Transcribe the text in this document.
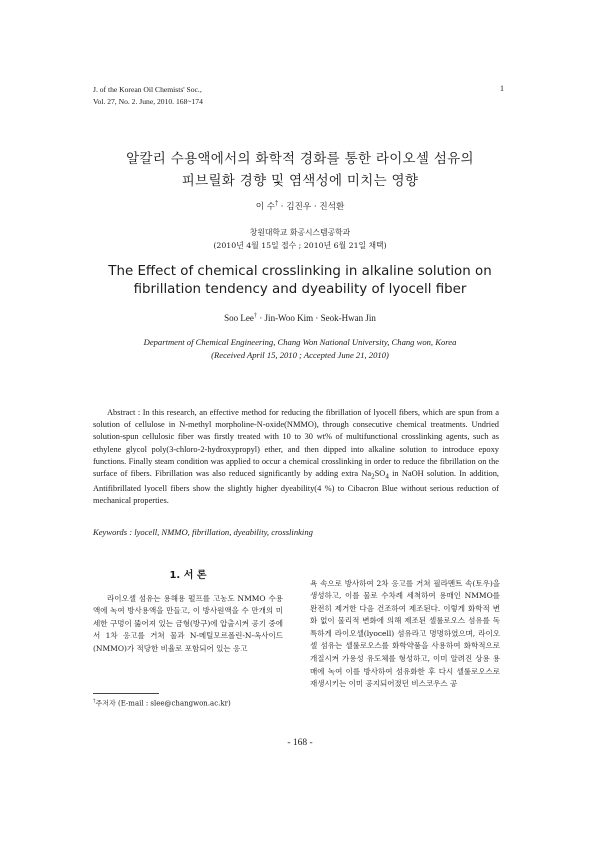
J. of the Korean Oil Chemists' Soc.,
Vol. 27, No. 2. June, 2010. 168~174
1
알칼리 수용액에서의 화학적 경화를 통한 라이오셀 섬유의
피브릴화 경향 및 염색성에 미치는 영향
이 수† · 김진우 · 진석환
창원대학교 화공시스템공학과
(2010년 4월 15일 접수 ; 2010년 6월 21일 채택)
The Effect of chemical crosslinking in alkaline solution on
fibrillation tendency and dyeability of lyocell fiber
Soo Lee† · Jin-Woo Kim · Seok-Hwan Jin
Department of Chemical Engineering, Chang Won National University, Chang won, Korea
(Received April 15, 2010 ; Accepted June 21, 2010)
Abstract : In this research, an effective method for reducing the fibrillation of lyocell fibers, which are spun from a solution of cellulose in N-methyl morpholine-N-oxide(NMMO), through consecutive chemical treatments. Undried solution-spun cellulosic fiber was firstly treated with 10 to 30 wt% of multifunctional crosslinking agents, such as ethylene glycol poly(3-chloro-2-hydroxypropyl) ether, and then dipped into alkaline solution to introduce epoxy functions. Finally steam condition was applied to occur a chemical crosslinking in order to reduce the fibrillation on the surface of fibers. Fibrillation was also reduced significantly by adding extra $Na_2SO_4$ in NaOH solution. In addition, Antifibrillated lyocell fibers show the slightly higher dyeability(4 %) to Cibacron Blue without serious reduction of mechanical properties.
Keywords : lyocell, NMMO, fibrillation, dyeability, crosslinking
1. 서 론

라이오셀 섬유는 용해용 펄프를 고농도 NMMO 수용액에 녹여 방사용액을 만들고, 이 방사원액을 수 만개의 미세한 구멍이 뚫어져 있는 금형(방구)에 압출시켜 공기 중에서 1차 응고를 거쳐 물과 N-메틸모르폴린-N-옥사이드(NMMO)가 적당한 비율로 포함되어 있는 응고

욕 속으로 방사하여 2차 응고를 거쳐 필라멘트 속(토우)을 생성하고, 이를 물로 수차례 세척하여 용매인 NMMO를 완전히 제거한 다음 건조하여 제조된다. 이렇게 화학적 변화 없이 물리적 변화에 의해 제조된 셀룰로오스 섬유를 독특하게 라이오셀(lyocell) 섬유라고 명명하였으며, 라이오셀 섬유는 셀룰로오스를 화학약품을 사용하여 화학적으로 개질시켜 가용성 유도체를 형성하고, 이미 알려진 상용 용매에 녹여 이를 방사하여 섬유화한 후 다시 셀룰로오스로 재생시키는 이미 공지되어졌던 비스코우스 공

†주저자 (E-mail : slee@changwon.ac.kr)
- 168 -
